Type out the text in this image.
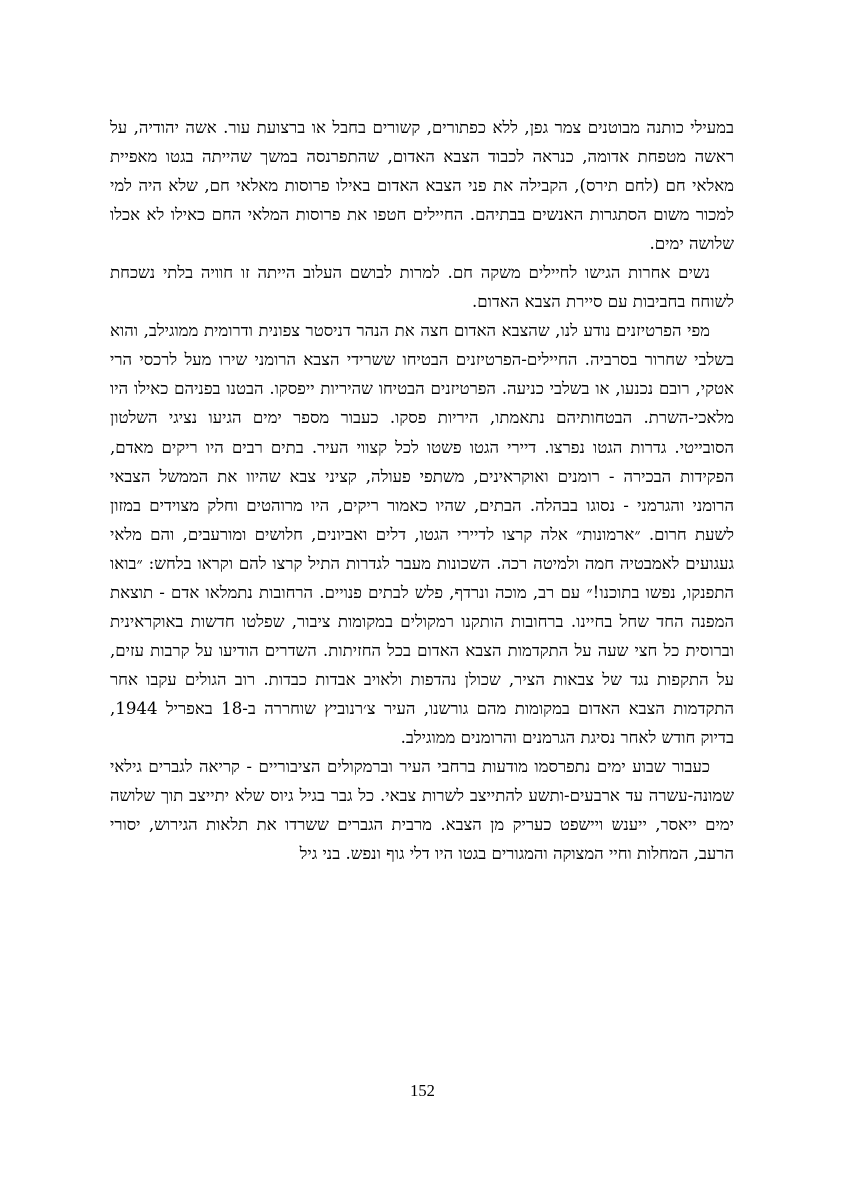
במעילי כותנה מבוטנים צמר גפן, ללא כפתורים, קשורים בחבל או ברצועת עור. אשה יהודיה, על ראשה מטפחת אדומה, כנראה לכבוד הצבא האדום, שהתפרנסה במשך שהייתה בגטו מאפיית מאלאי חם (לחם תירס), הקבילה את פני הצבא האדום באילו פרוסות מאלאי חם, שלא היה למי למכור משום הסתגרות האנשים בבתיהם. החיילים חטפו את פרוסות המלאי החם כאילו לא אכלו שלושה ימים.

נשים אחרות הגישו לחיילים משקה חם. למרות לבושם העלוב הייתה זו חוויה בלתי נשכחת לשוחח בחביבות עם סיירת הצבא האדום.

מפי הפרטיזנים נודע לנו, שהצבא האדום חצה את הנהר דניסטר צפונית ודרומית ממוגילב, והוא בשלבי שחרור בסרביה. החיילים-הפרטיזנים הבטיחו ששרידי הצבא הרומני שירו מעל לרכסי הרי אטקי, רובם נכנעו, או בשלבי כניעה. הפרטיזנים הבטיחו שהיריות ייפסקו. הבטנו בפניהם כאילו היו מלאכי-השרת. הבטחותיהם נתאמתו, היריות פסקו. כעבור מספר ימים הגיעו נציגי השלטון הסובייטי. גדרות הגטו נפרצו. דיירי הגטו פשטו לכל קצווי העיר. בתים רבים היו ריקים מאדם, הפקידות הבכירה - רומנים ואוקראינים, משתפי פעולה, קציני צבא שהיוו את הממשל הצבאי הרומני והגרמני - נסוגו בבהלה. הבתים, שהיו כאמור ריקים, היו מרוהטים וחלק מצוידים במזון לשעת חרום. ״ארמונות״ אלה קרצו לדיירי הגטו, דלים ואביונים, חלושים ומורעבים, והם מלאי געגועים לאמבטיה חמה ולמיטה רכה. השכונות מעבר לגדרות התיל קרצו להם וקראו בלחש: ״בואו התפנקו, נפשו בתוכנו!״ עם רב, מוכה ונרדף, פלש לבתים פנויים. הרחובות נתמלאו אדם - תוצאת המפנה החד שחל בחיינו. ברחובות הותקנו רמקולים במקומות ציבור, שפלטו חדשות באוקראינית וברוסית כל חצי שעה על התקדמות הצבא האדום בכל החזיתות. השדרים הודיעו על קרבות עזים, על התקפות נגד של צבאות הציר, שכולן נהדפות ולאויב אבדות כבדות. רוב הגולים עקבו אחר התקדמות הצבא האדום במקומות מהם גורשנו, העיר צ׳רנוביץ שוחררה ב-18 באפריל 1944, בדיוק חודש לאחר נסיגת הגרמנים והרומנים ממוגילב.

כעבור שבוע ימים נתפרסמו מודעות ברחבי העיר וברמקולים הציבוריים - קריאה לגברים גילאי שמונה-עשרה עד ארבעים-ותשע להתייצב לשרות צבאי. כל גבר בגיל גיוס שלא יתייצב תוך שלושה ימים ייאסר, ייענש ויישפט כעריק מן הצבא. מרבית הגברים ששרדו את תלאות הגירוש, יסורי הרעב, המחלות וחיי המצוקה והמגורים בגטו היו דלי גוף ונפש. בני גיל

152
